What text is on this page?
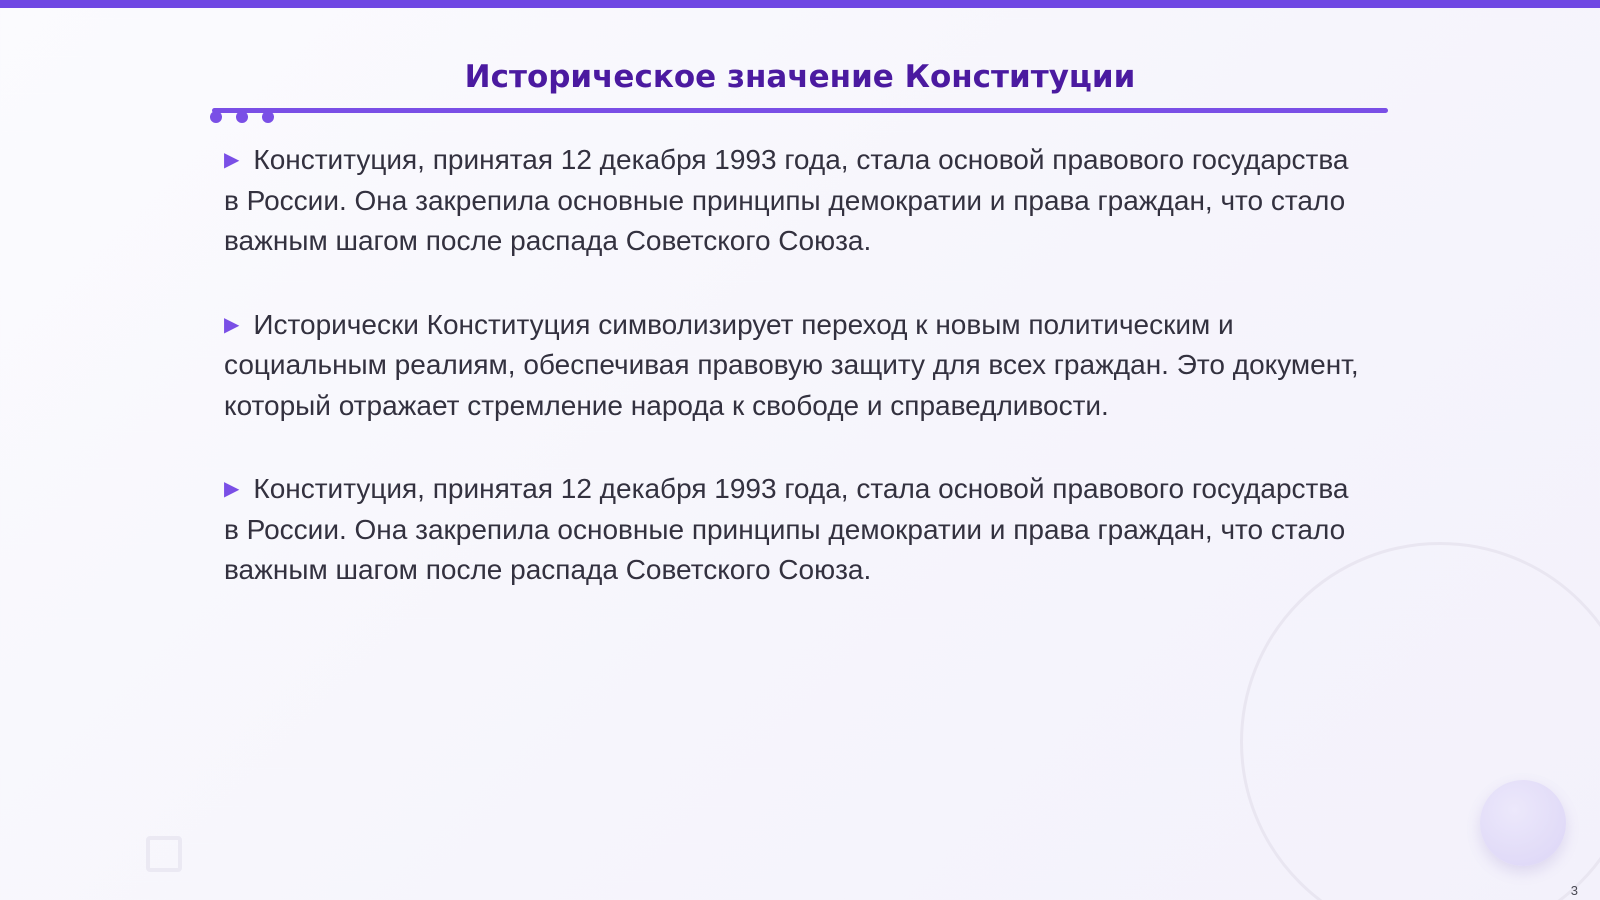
Историческое значение Конституции
▶ Конституция, принятая 12 декабря 1993 года, стала основой правового государства в России. Она закрепила основные принципы демократии и права граждан, что стало важным шагом после распада Советского Союза.
▶ Исторически Конституция символизирует переход к новым политическим и социальным реалиям, обеспечивая правовую защиту для всех граждан. Это документ, который отражает стремление народа к свободе и справедливости.
▶ Конституция, принятая 12 декабря 1993 года, стала основой правового государства в России. Она закрепила основные принципы демократии и права граждан, что стало важным шагом после распада Советского Союза.
3
